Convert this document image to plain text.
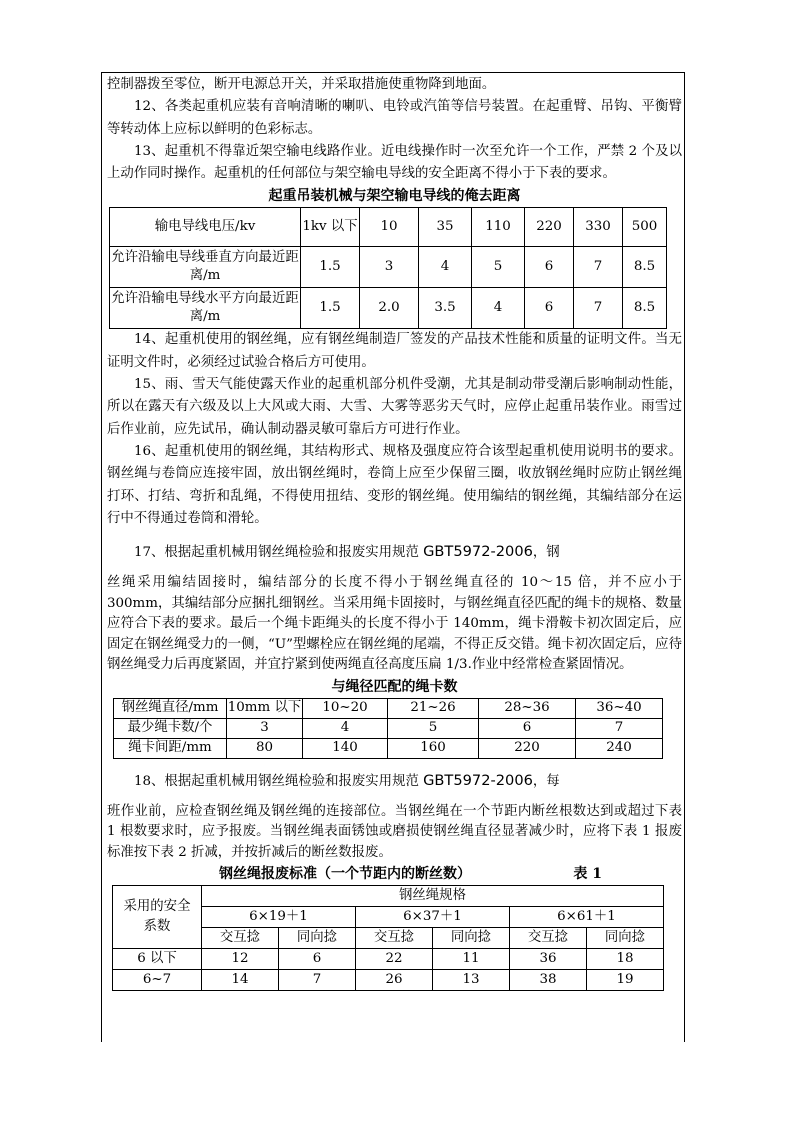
控制器拨至零位，断开电源总开关，并采取措施使重物降到地面。

12、各类起重机应装有音响清晰的喇叭、电铃或汽笛等信号装置。在起重臂、吊钩、平衡臂等转动体上应标以鲜明的色彩标志。

13、起重机不得靠近架空输电线路作业。近电线操作时一次至允许一个工作，严禁 2 个及以上动作同时操作。起重机的任何部位与架空输电导线的安全距离不得小于下表的要求。

起重吊装机械与架空输电导线的俺去距离

输电导线电压/kv	1kv 以下	10	35	110	220	330	500
允许沿输电导线垂直方向最近距离/m	1.5	3	4	5	6	7	8.5
允许沿输电导线水平方向最近距离/m	1.5	2.0	3.5	4	6	7	8.5

14、起重机使用的钢丝绳，应有钢丝绳制造厂签发的产品技术性能和质量的证明文件。当无证明文件时，必须经过试验合格后方可使用。

15、雨、雪天气能使露天作业的起重机部分机件受潮，尤其是制动带受潮后影响制动性能，所以在露天有六级及以上大风或大雨、大雪、大雾等恶劣天气时，应停止起重吊装作业。雨雪过后作业前，应先试吊，确认制动器灵敏可靠后方可进行作业。

16、起重机使用的钢丝绳，其结构形式、规格及强度应符合该型起重机使用说明书的要求。钢丝绳与卷筒应连接牢固，放出钢丝绳时，卷筒上应至少保留三圈，收放钢丝绳时应防止钢丝绳打环、打结、弯折和乱绳，不得使用扭结、变形的钢丝绳。使用编结的钢丝绳，其编结部分在运行中不得通过卷筒和滑轮。

17、根据起重机械用钢丝绳检验和报废实用规范 GBT5972-2006，钢

丝绳采用编结固接时，编结部分的长度不得小于钢丝绳直径的 10～15 倍，并不应小于 300mm，其编结部分应捆扎细钢丝。当采用绳卡固接时，与钢丝绳直径匹配的绳卡的规格、数量应符合下表的要求。最后一个绳卡距绳头的长度不得小于 140mm，绳卡滑鞍卡初次固定后，应固定在钢丝绳受力的一侧，“U”型螺栓应在钢丝绳的尾端，不得正反交错。绳卡初次固定后，应待钢丝绳受力后再度紧固，并宜拧紧到使两绳直径高度压扁 1/3.作业中经常检查紧固情况。

与绳径匹配的绳卡数

钢丝绳直径/mm	10mm 以下	10~20	21~26	28~36	36~40
最少绳卡数/个	3	4	5	6	7
绳卡间距/mm	80	140	160	220	240

18、根据起重机械用钢丝绳检验和报废实用规范 GBT5972-2006，每

班作业前，应检查钢丝绳及钢丝绳的连接部位。当钢丝绳在一个节距内断丝根数达到或超过下表 1 根数要求时，应予报废。当钢丝绳表面锈蚀或磨损使钢丝绳直径显著减少时，应将下表 1 报废标准按下表 2 折减，并按折减后的断丝数报废。

钢丝绳报废标准（一个节距内的断丝数）	表 1
采用的安全系数	钢丝绳规格					
	6×19＋1		6×37＋1		6×61＋1	
	交互捻	同向捻	交互捻	同向捻	交互捻	同向捻
6 以下	12	6	22	11	36	18
6~7	14	7	26	13	38	19
